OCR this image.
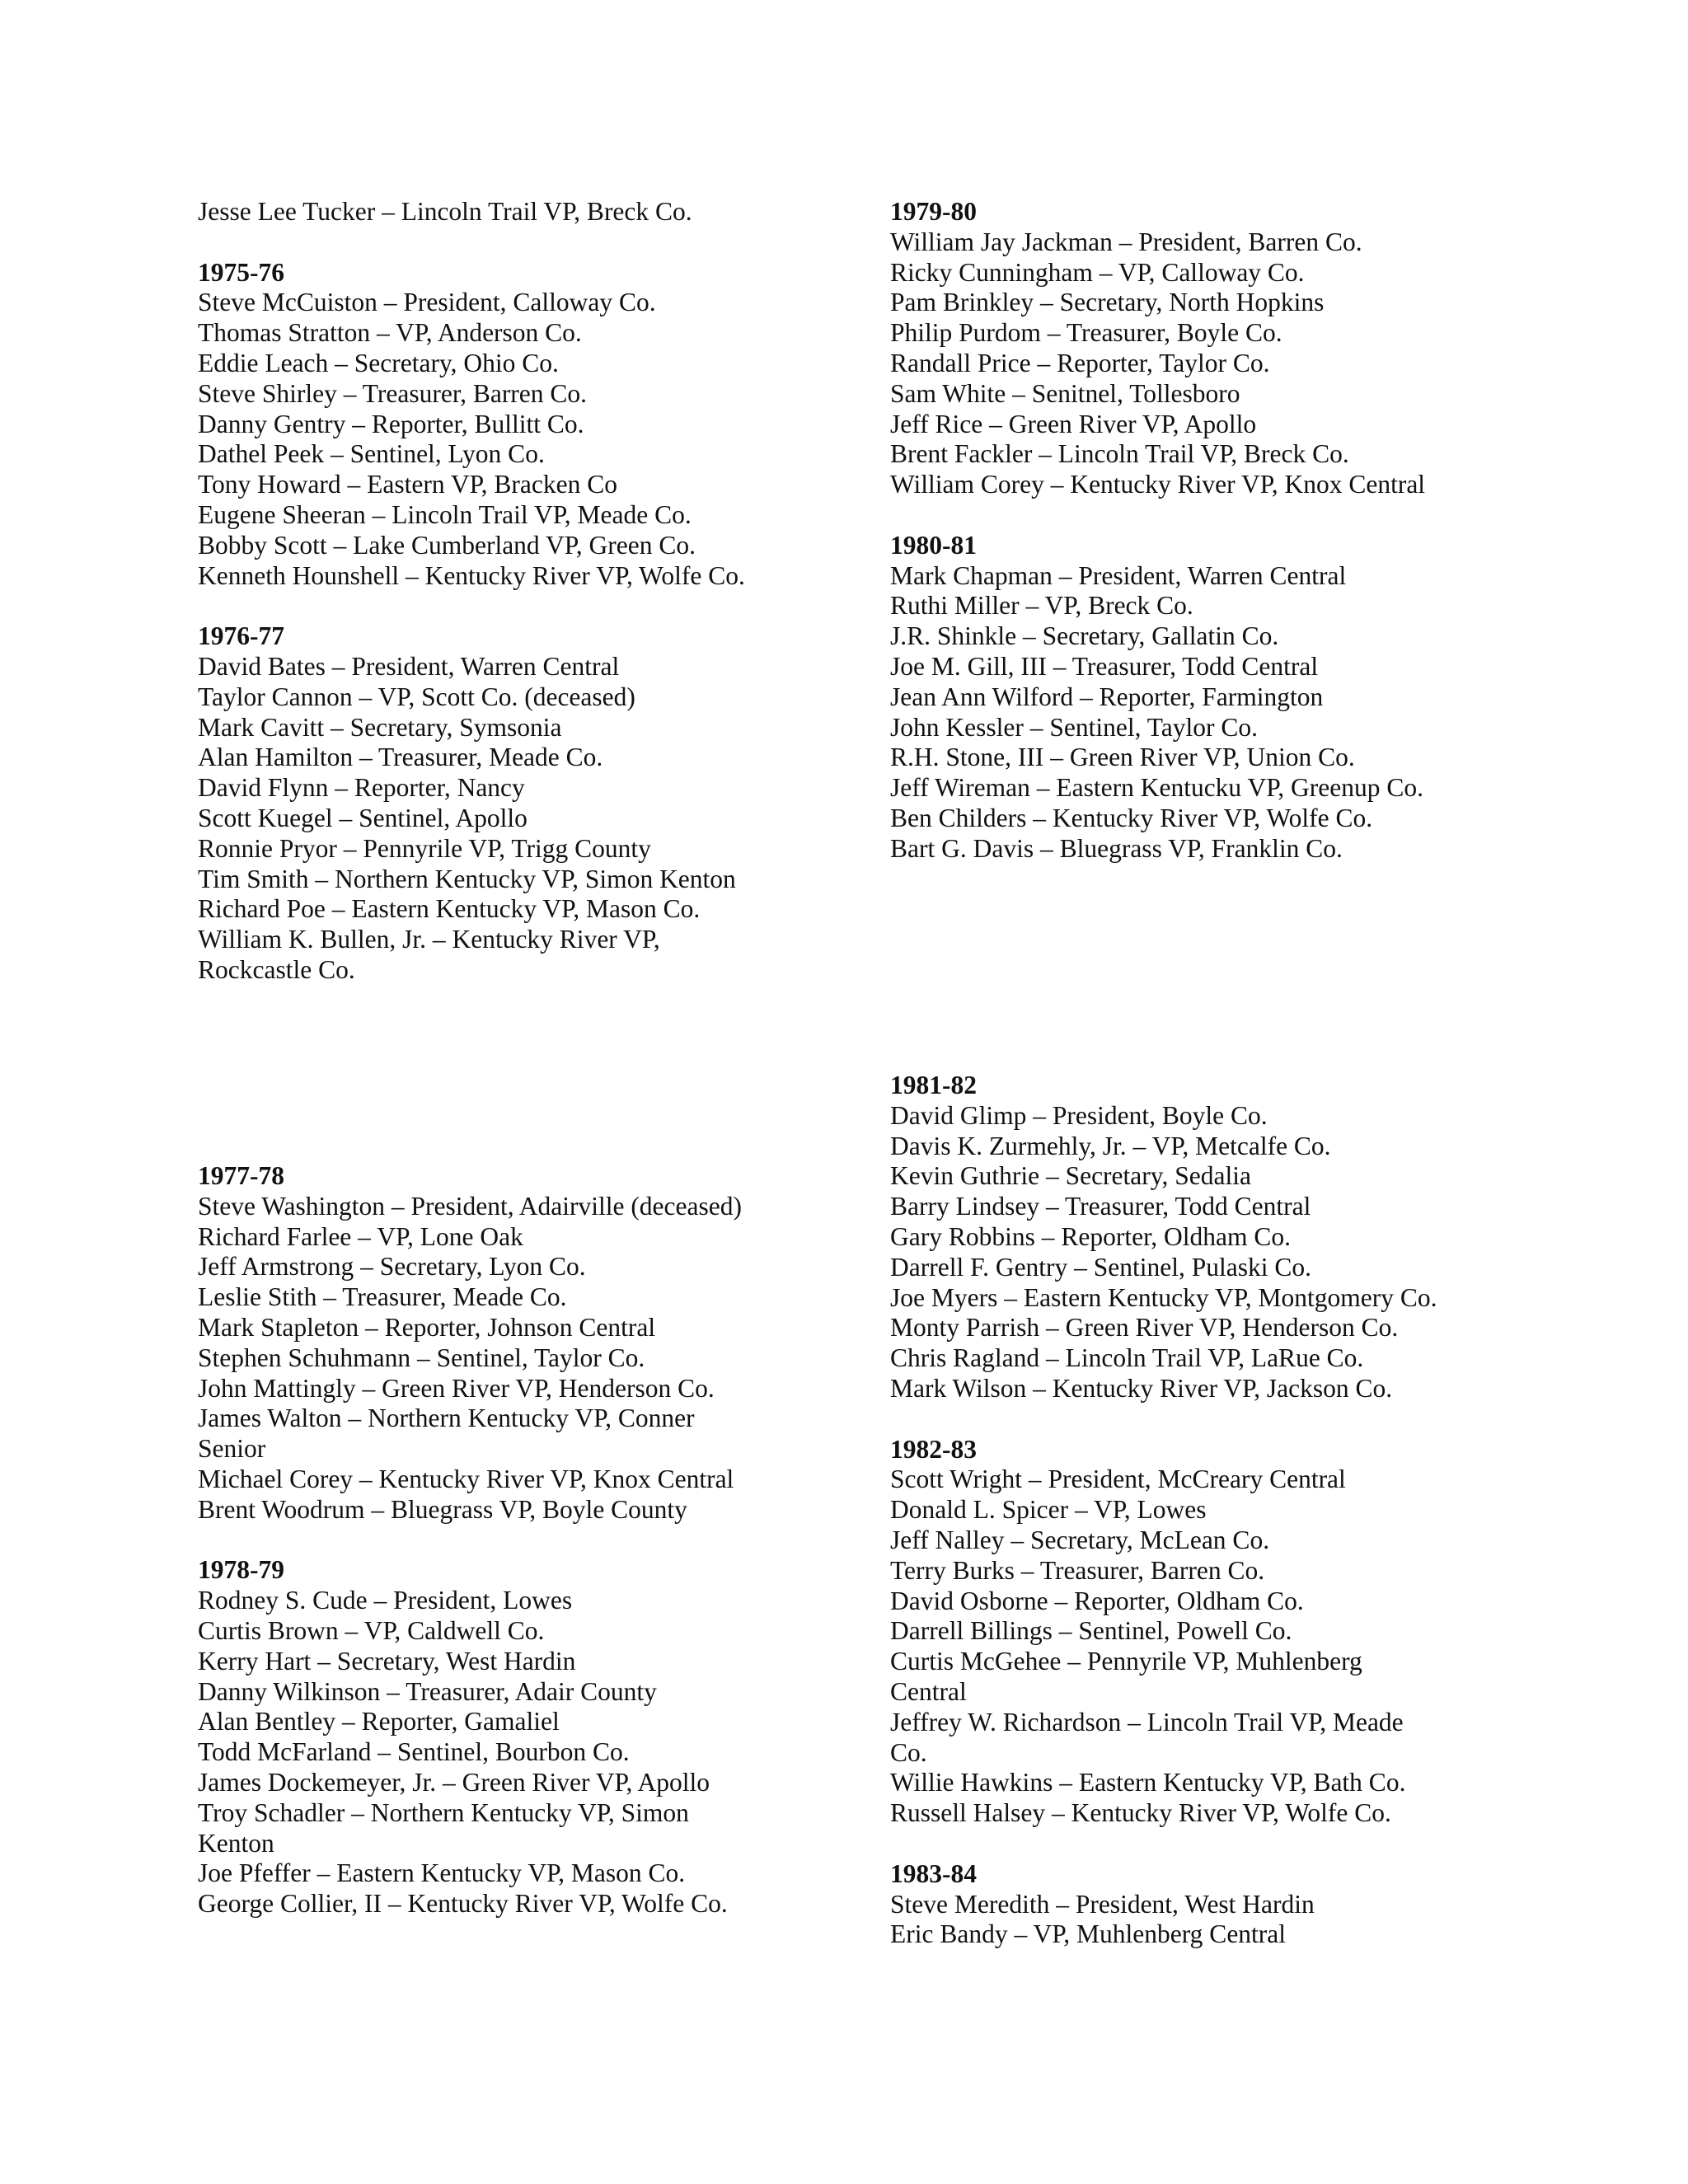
Jesse Lee Tucker – Lincoln Trail VP, Breck Co.
1975-76
Steve McCuiston – President, Calloway Co.
Thomas Stratton – VP, Anderson Co.
Eddie Leach – Secretary, Ohio Co.
Steve Shirley – Treasurer, Barren Co.
Danny Gentry – Reporter, Bullitt Co.
Dathel Peek – Sentinel, Lyon Co.
Tony Howard – Eastern VP, Bracken Co
Eugene Sheeran – Lincoln Trail VP, Meade Co.
Bobby Scott – Lake Cumberland VP, Green Co.
Kenneth Hounshell – Kentucky River VP, Wolfe Co.
1976-77
David Bates – President, Warren Central
Taylor Cannon – VP, Scott Co. (deceased)
Mark Cavitt – Secretary, Symsonia
Alan Hamilton – Treasurer, Meade Co.
David Flynn – Reporter, Nancy
Scott Kuegel – Sentinel, Apollo
Ronnie Pryor – Pennyrile VP, Trigg County
Tim Smith – Northern Kentucky VP, Simon Kenton
Richard Poe – Eastern Kentucky VP, Mason Co.
William K. Bullen, Jr. – Kentucky River VP,
Rockcastle Co.
1979-80
William Jay Jackman – President, Barren Co.
Ricky Cunningham – VP, Calloway Co.
Pam Brinkley – Secretary, North Hopkins
Philip Purdom – Treasurer, Boyle Co.
Randall Price – Reporter, Taylor Co.
Sam White – Senitnel, Tollesboro
Jeff Rice – Green River VP, Apollo
Brent Fackler – Lincoln Trail VP, Breck Co.
William Corey – Kentucky River VP, Knox Central
1980-81
Mark Chapman – President, Warren Central
Ruthi Miller – VP, Breck Co.
J.R. Shinkle – Secretary, Gallatin Co.
Joe M. Gill, III – Treasurer, Todd Central
Jean Ann Wilford – Reporter, Farmington
John Kessler – Sentinel, Taylor Co.
R.H. Stone, III – Green River VP, Union Co.
Jeff Wireman – Eastern Kentucku VP, Greenup Co.
Ben Childers – Kentucky River VP, Wolfe Co.
Bart G. Davis – Bluegrass VP, Franklin Co.
1977-78
Steve Washington – President, Adairville (deceased)
Richard Farlee – VP, Lone Oak
Jeff Armstrong – Secretary, Lyon Co.
Leslie Stith – Treasurer, Meade Co.
Mark Stapleton – Reporter, Johnson Central
Stephen Schuhmann – Sentinel, Taylor Co.
John Mattingly – Green River VP, Henderson Co.
James Walton – Northern Kentucky VP, Conner
Senior
Michael Corey – Kentucky River VP, Knox Central
Brent Woodrum – Bluegrass VP, Boyle County
1978-79
Rodney S. Cude – President, Lowes
Curtis Brown – VP, Caldwell Co.
Kerry Hart – Secretary, West Hardin
Danny Wilkinson – Treasurer, Adair County
Alan Bentley – Reporter, Gamaliel
Todd McFarland – Sentinel, Bourbon Co.
James Dockemeyer, Jr. – Green River VP, Apollo
Troy Schadler – Northern Kentucky VP, Simon
Kenton
Joe Pfeffer – Eastern Kentucky VP, Mason Co.
George Collier, II – Kentucky River VP, Wolfe Co.
1981-82
David Glimp – President, Boyle Co.
Davis K. Zurmehly, Jr. – VP, Metcalfe Co.
Kevin Guthrie – Secretary, Sedalia
Barry Lindsey – Treasurer, Todd Central
Gary Robbins – Reporter, Oldham Co.
Darrell F. Gentry – Sentinel, Pulaski Co.
Joe Myers – Eastern Kentucky VP, Montgomery Co.
Monty Parrish – Green River VP, Henderson Co.
Chris Ragland – Lincoln Trail VP, LaRue Co.
Mark Wilson – Kentucky River VP, Jackson Co.
1982-83
Scott Wright – President, McCreary Central
Donald L. Spicer – VP, Lowes
Jeff Nalley – Secretary, McLean Co.
Terry Burks – Treasurer, Barren Co.
David Osborne – Reporter, Oldham Co.
Darrell Billings – Sentinel, Powell Co.
Curtis McGehee – Pennyrile VP, Muhlenberg
Central
Jeffrey W. Richardson – Lincoln Trail VP, Meade
Co.
Willie Hawkins – Eastern Kentucky VP, Bath Co.
Russell Halsey – Kentucky River VP, Wolfe Co.
1983-84
Steve Meredith – President, West Hardin
Eric Bandy – VP, Muhlenberg Central
